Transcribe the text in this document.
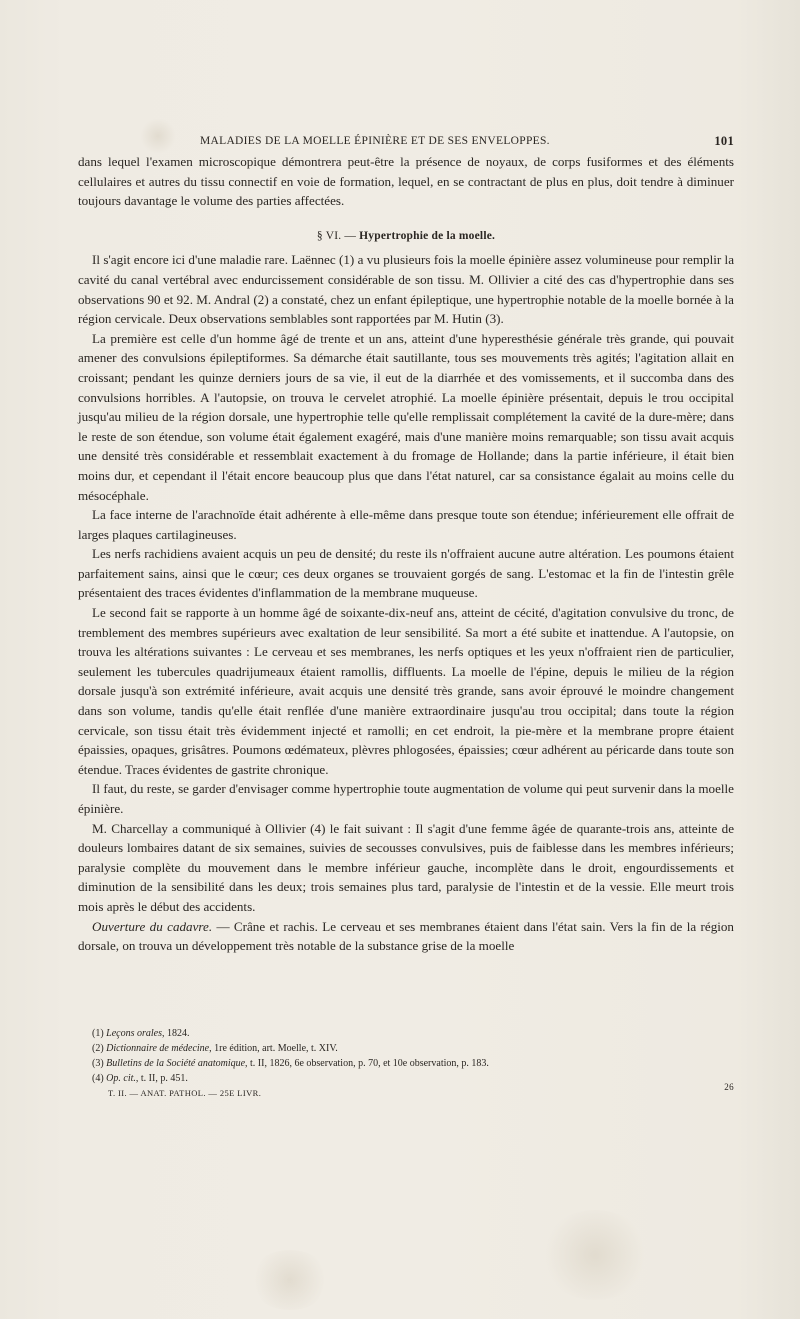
MALADIES DE LA MOELLE ÉPINIÈRE ET DE SES ENVELOPPES.	101

dans lequel l'examen microscopique démontrera peut-être la présence de noyaux, de corps fusiformes et des éléments cellulaires et autres du tissu connectif en voie de formation, lequel, en se contractant de plus en plus, doit tendre à diminuer toujours davantage le volume des parties affectées.

§ VI. — Hypertrophie de la moelle.

Il s'agit encore ici d'une maladie rare. Laënnec (1) a vu plusieurs fois la moelle épinière assez volumineuse pour remplir la cavité du canal vertébral avec endurcissement considérable de son tissu. M. Ollivier a cité des cas d'hypertrophie dans ses observations 90 et 92. M. Andral (2) a constaté, chez un enfant épileptique, une hypertrophie notable de la moelle bornée à la région cervicale. Deux observations semblables sont rapportées par M. Hutin (3).

La première est celle d'un homme âgé de trente et un ans, atteint d'une hyperesthésie générale très grande, qui pouvait amener des convulsions épileptiformes. Sa démarche était sautillante, tous ses mouvements très agités; l'agitation allait en croissant; pendant les quinze derniers jours de sa vie, il eut de la diarrhée et des vomissements, et il succomba dans des convulsions horribles. A l'autopsie, on trouva le cervelet atrophié. La moelle épinière présentait, depuis le trou occipital jusqu'au milieu de la région dorsale, une hypertrophie telle qu'elle remplissait complétement la cavité de la dure-mère; dans le reste de son étendue, son volume était également exagéré, mais d'une manière moins remarquable; son tissu avait acquis une densité très considérable et ressemblait exactement à du fromage de Hollande; dans la partie inférieure, il était bien moins dur, et cependant il l'était encore beaucoup plus que dans l'état naturel, car sa consistance égalait au moins celle du mésocéphale.

La face interne de l'arachnoïde était adhérente à elle-même dans presque toute son étendue; inférieurement elle offrait de larges plaques cartilagineuses.

Les nerfs rachidiens avaient acquis un peu de densité; du reste ils n'offraient aucune autre altération. Les poumons étaient parfaitement sains, ainsi que le cœur; ces deux organes se trouvaient gorgés de sang. L'estomac et la fin de l'intestin grêle présentaient des traces évidentes d'inflammation de la membrane muqueuse.

Le second fait se rapporte à un homme âgé de soixante-dix-neuf ans, atteint de cécité, d'agitation convulsive du tronc, de tremblement des membres supérieurs avec exaltation de leur sensibilité. Sa mort a été subite et inattendue. A l'autopsie, on trouva les altérations suivantes : Le cerveau et ses membranes, les nerfs optiques et les yeux n'offraient rien de particulier, seulement les tubercules quadrijumeaux étaient ramollis, diffluents. La moelle de l'épine, depuis le milieu de la région dorsale jusqu'à son extrémité inférieure, avait acquis une densité très grande, sans avoir éprouvé le moindre changement dans son volume, tandis qu'elle était renflée d'une manière extraordinaire jusqu'au trou occipital; dans toute la région cervicale, son tissu était très évidemment injecté et ramolli; en cet endroit, la pie-mère et la membrane propre étaient épaissies, opaques, grisâtres. Poumons œdémateux, plèvres phlogosées, épaissies; cœur adhérent au péricarde dans toute son étendue. Traces évidentes de gastrite chronique.

Il faut, du reste, se garder d'envisager comme hypertrophie toute augmentation de volume qui peut survenir dans la moelle épinière.

M. Charcellay a communiqué à Ollivier (4) le fait suivant : Il s'agit d'une femme âgée de quarante-trois ans, atteinte de douleurs lombaires datant de six semaines, suivies de secousses convulsives, puis de faiblesse dans les membres inférieurs; paralysie complète du mouvement dans le membre inférieur gauche, incomplète dans le droit, engourdissements et diminution de la sensibilité dans les deux; trois semaines plus tard, paralysie de l'intestin et de la vessie. Elle meurt trois mois après le début des accidents.

Ouverture du cadavre. — Crâne et rachis. Le cerveau et ses membranes étaient dans l'état sain. Vers la fin de la région dorsale, on trouva un développement très notable de la substance grise de la moelle

(1) Leçons orales, 1824.
(2) Dictionnaire de médecine, 1re édition, art. Moelle, t. XIV.
(3) Bulletins de la Société anatomique, t. II, 1826, 6e observation, p. 70, et 10e observation, p. 183.
(4) Op. cit., t. II, p. 451.
T. II. — ANAT. PATHOL. — 25E LIVR.
26
